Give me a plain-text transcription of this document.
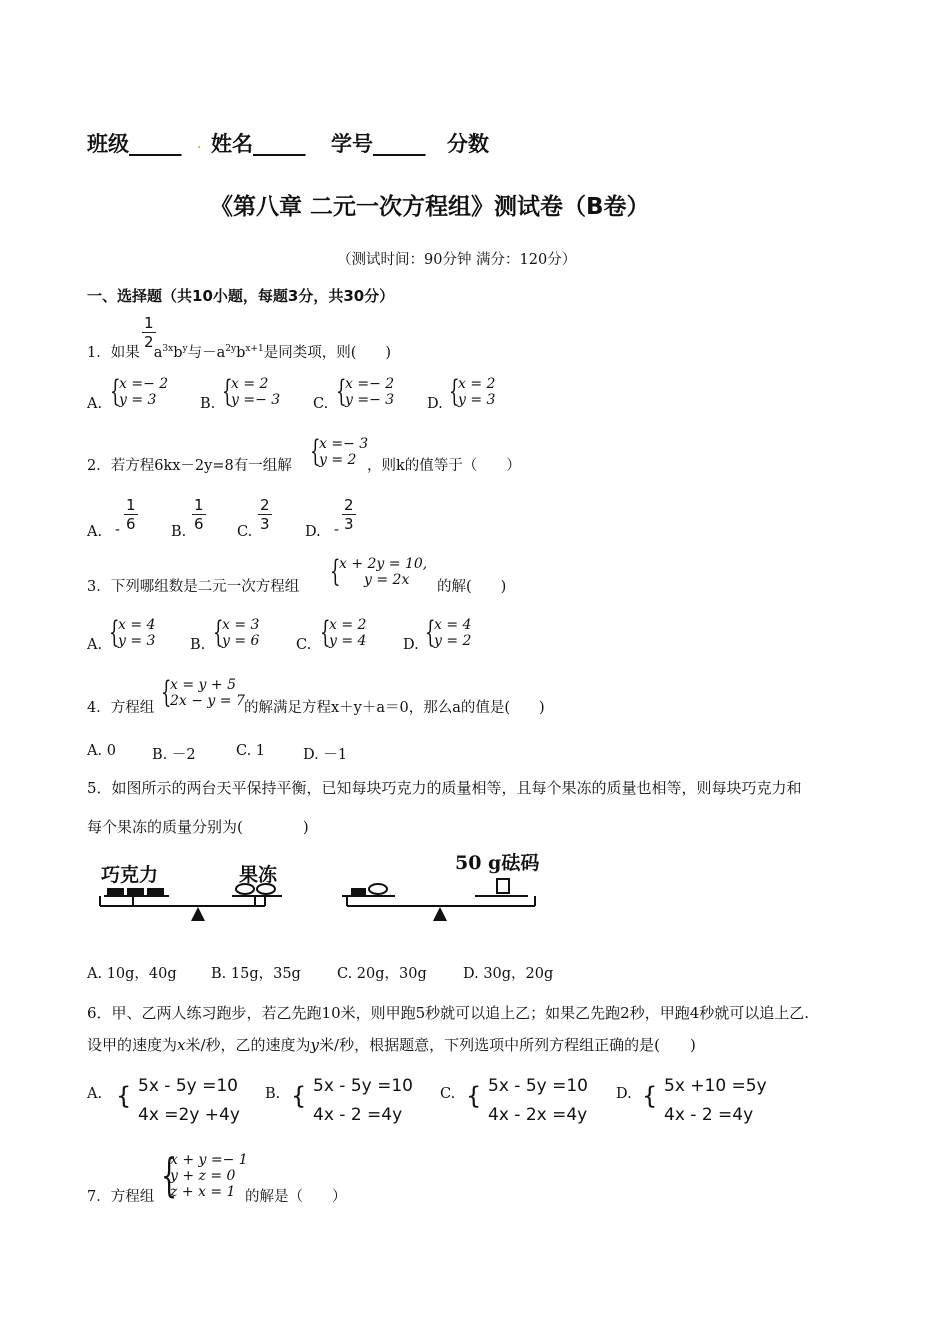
班级_____ . 姓名_____ 学号_____ 分数
《第八章 二元一次方程组》测试卷（B卷）
（测试时间：90分钟 满分：120分）
一、选择题（共10小题，每题3分，共30分）
$\frac{1}{2}$
1．如果 $a^{3x}b^y$与$-a^{2y}b^{x+1}$是同类项，则(　　)
A. {
x =− 2
y = 3	B. {
x = 2
y =− 3 C. {
x =− 2
y =− 3 D. {
x = 2
y = 3
2．若方程6kx－2y=8有一组解 {
x =− 3
y = 2 ，则k的值等于（　　）
A. - $\frac{1}{6} B$. $\frac{1}{6} C$. $\frac{2}{3} D$. - $\frac{2}{3}$
3．下列哪组数是二元一次方程组 {
x + 2y = 10,
y = 2x	的解(　　)
A. {
x = 4
y = 3 B. {
x = 3
y = 6	C. {
x = 2
y = 4	D. {
x = 4
y = 2
4．方程组 {
x = y + 5
2x − y = 7 的解满足方程x＋y＋a＝0，那么a的值是(　　)
A. 0 B. －2	C. 1	D. －1
5．如图所示的两台天平保持平衡，已知每块巧克力的质量相等，且每个果冻的质量也相等，则每块巧克力和
每个果冻的质量分别为(　　　　)
巧克力	果冻
50 g砝码
A. 10g，40g B. 15g，35g C. 20g，30g D. 30g，20g
6．甲、乙两人练习跑步，若乙先跑10米，则甲跑5秒就可以追上乙；如果乙先跑2秒，甲跑4秒就可以追上乙.
设甲的速度为x米/秒，乙的速度为y米/秒，根据题意，下列选项中所列方程组正确的是(　　)
A. { 5x - 5y =10
4x =2y +4y
B. { 5x - 5y =10
4x - 2 =4y
C. { 5x - 5y =10
4x - 2x =4y
D. { 5x +10 =5y
4x - 2 =4y
7．方程组 {
x + y =− 1
y + z = 0
z + x = 1 的解是（　　）
